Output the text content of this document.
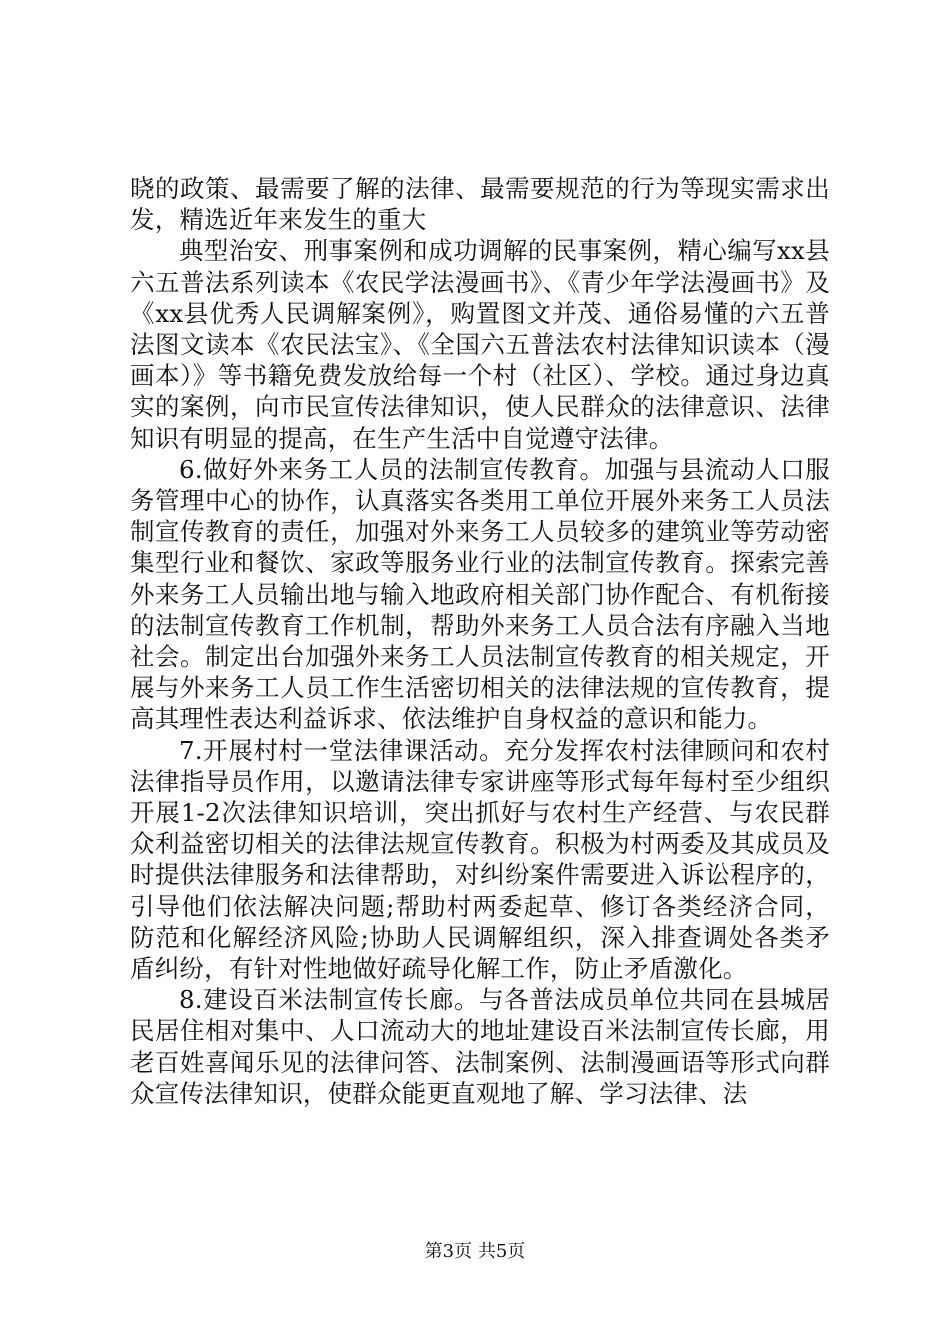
晓的政策、最需要了解的法律、最需要规范的行为等现实需求出发，精选近年来发生的重大

典型治安、刑事案例和成功调解的民事案例，精心编写xx县六五普法系列读本《农民学法漫画书》、《青少年学法漫画书》及《xx县优秀人民调解案例》，购置图文并茂、通俗易懂的六五普法图文读本《农民法宝》、《全国六五普法农村法律知识读本（漫画本）》等书籍免费发放给每一个村（社区）、学校。通过身边真实的案例，向市民宣传法律知识，使人民群众的法律意识、法律知识有明显的提高，在生产生活中自觉遵守法律。

6.做好外来务工人员的法制宣传教育。加强与县流动人口服务管理中心的协作，认真落实各类用工单位开展外来务工人员法制宣传教育的责任，加强对外来务工人员较多的建筑业等劳动密集型行业和餐饮、家政等服务业行业的法制宣传教育。探索完善外来务工人员输出地与输入地政府相关部门协作配合、有机衔接的法制宣传教育工作机制，帮助外来务工人员合法有序融入当地社会。制定出台加强外来务工人员法制宣传教育的相关规定，开展与外来务工人员工作生活密切相关的法律法规的宣传教育，提高其理性表达利益诉求、依法维护自身权益的意识和能力。

7.开展村村一堂法律课活动。充分发挥农村法律顾问和农村法律指导员作用，以邀请法律专家讲座等形式每年每村至少组织开展1-2次法律知识培训，突出抓好与农村生产经营、与农民群众利益密切相关的法律法规宣传教育。积极为村两委及其成员及时提供法律服务和法律帮助，对纠纷案件需要进入诉讼程序的，引导他们依法解决问题;帮助村两委起草、修订各类经济合同，防范和化解经济风险;协助人民调解组织，深入排查调处各类矛盾纠纷，有针对性地做好疏导化解工作，防止矛盾激化。

8.建设百米法制宣传长廊。与各普法成员单位共同在县城居民居住相对集中、人口流动大的地址建设百米法制宣传长廊，用老百姓喜闻乐见的法律问答、法制案例、法制漫画语等形式向群众宣传法律知识，使群众能更直观地了解、学习法律、法

第3页 共5页
